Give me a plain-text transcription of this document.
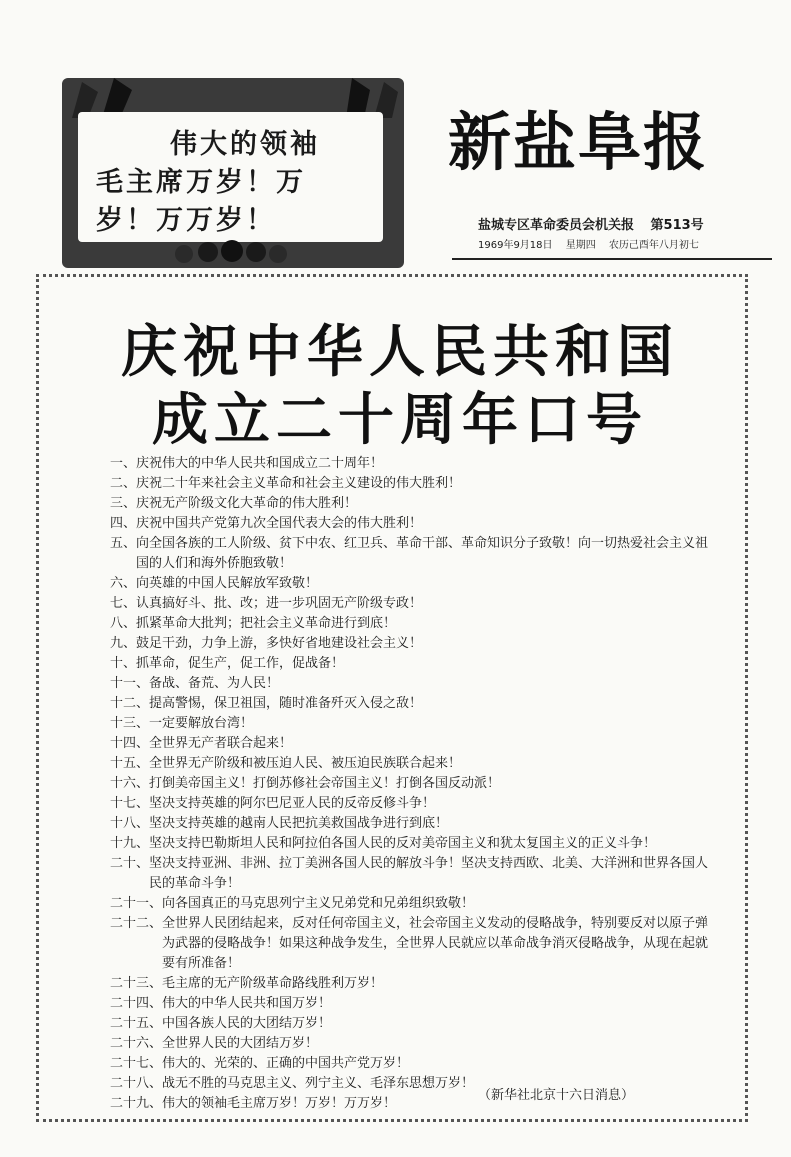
伟大的领袖
毛主席万岁！万
岁！万万岁！
新盐阜报
盐城专区革命委员会机关报 第513号
1969年9月18日 星期四 农历己酉年八月初七
庆祝中华人民共和国
成立二十周年口号
一、 庆祝伟大的中华人民共和国成立二十周年！
二、 庆祝二十年来社会主义革命和社会主义建设的伟大胜利！
三、 庆祝无产阶级文化大革命的伟大胜利！
四、 庆祝中国共产党第九次全国代表大会的伟大胜利！
五、 向全国各族的工人阶级、贫下中农、红卫兵、革命干部、革命知识分子致敬！向一切热爱社会主义祖国的人们和海外侨胞致敬！
六、 向英雄的中国人民解放军致敬！
七、 认真搞好斗、批、改；进一步巩固无产阶级专政！
八、 抓紧革命大批判；把社会主义革命进行到底！
九、 鼓足干劲，力争上游，多快好省地建设社会主义！
十、 抓革命，促生产，促工作，促战备！
十一、 备战、备荒、为人民！
十二、 提高警惕，保卫祖国，随时准备歼灭入侵之敌！
十三、 一定要解放台湾！
十四、 全世界无产者联合起来！
十五、 全世界无产阶级和被压迫人民、被压迫民族联合起来！
十六、 打倒美帝国主义！打倒苏修社会帝国主义！打倒各国反动派！
十七、 坚决支持英雄的阿尔巴尼亚人民的反帝反修斗争！
十八、 坚决支持英雄的越南人民把抗美救国战争进行到底！
十九、 坚决支持巴勒斯坦人民和阿拉伯各国人民的反对美帝国主义和犹太复国主义的正义斗争！
二十、 坚决支持亚洲、非洲、拉丁美洲各国人民的解放斗争！坚决支持西欧、北美、大洋洲和世界各国人民的革命斗争！
二十一、 向各国真正的马克思列宁主义兄弟党和兄弟组织致敬！
二十二、 全世界人民团结起来，反对任何帝国主义，社会帝国主义发动的侵略战争，特别要反对以原子弹为武器的侵略战争！如果这种战争发生，全世界人民就应以革命战争消灭侵略战争，从现在起就要有所准备！
二十三、 毛主席的无产阶级革命路线胜利万岁！
二十四、 伟大的中华人民共和国万岁！
二十五、 中国各族人民的大团结万岁！
二十六、 全世界人民的大团结万岁！
二十七、 伟大的、光荣的、正确的中国共产党万岁！
二十八、 战无不胜的马克思主义、列宁主义、毛泽东思想万岁！
二十九、 伟大的领袖毛主席万岁！万岁！万万岁！
（新华社北京十六日消息）
